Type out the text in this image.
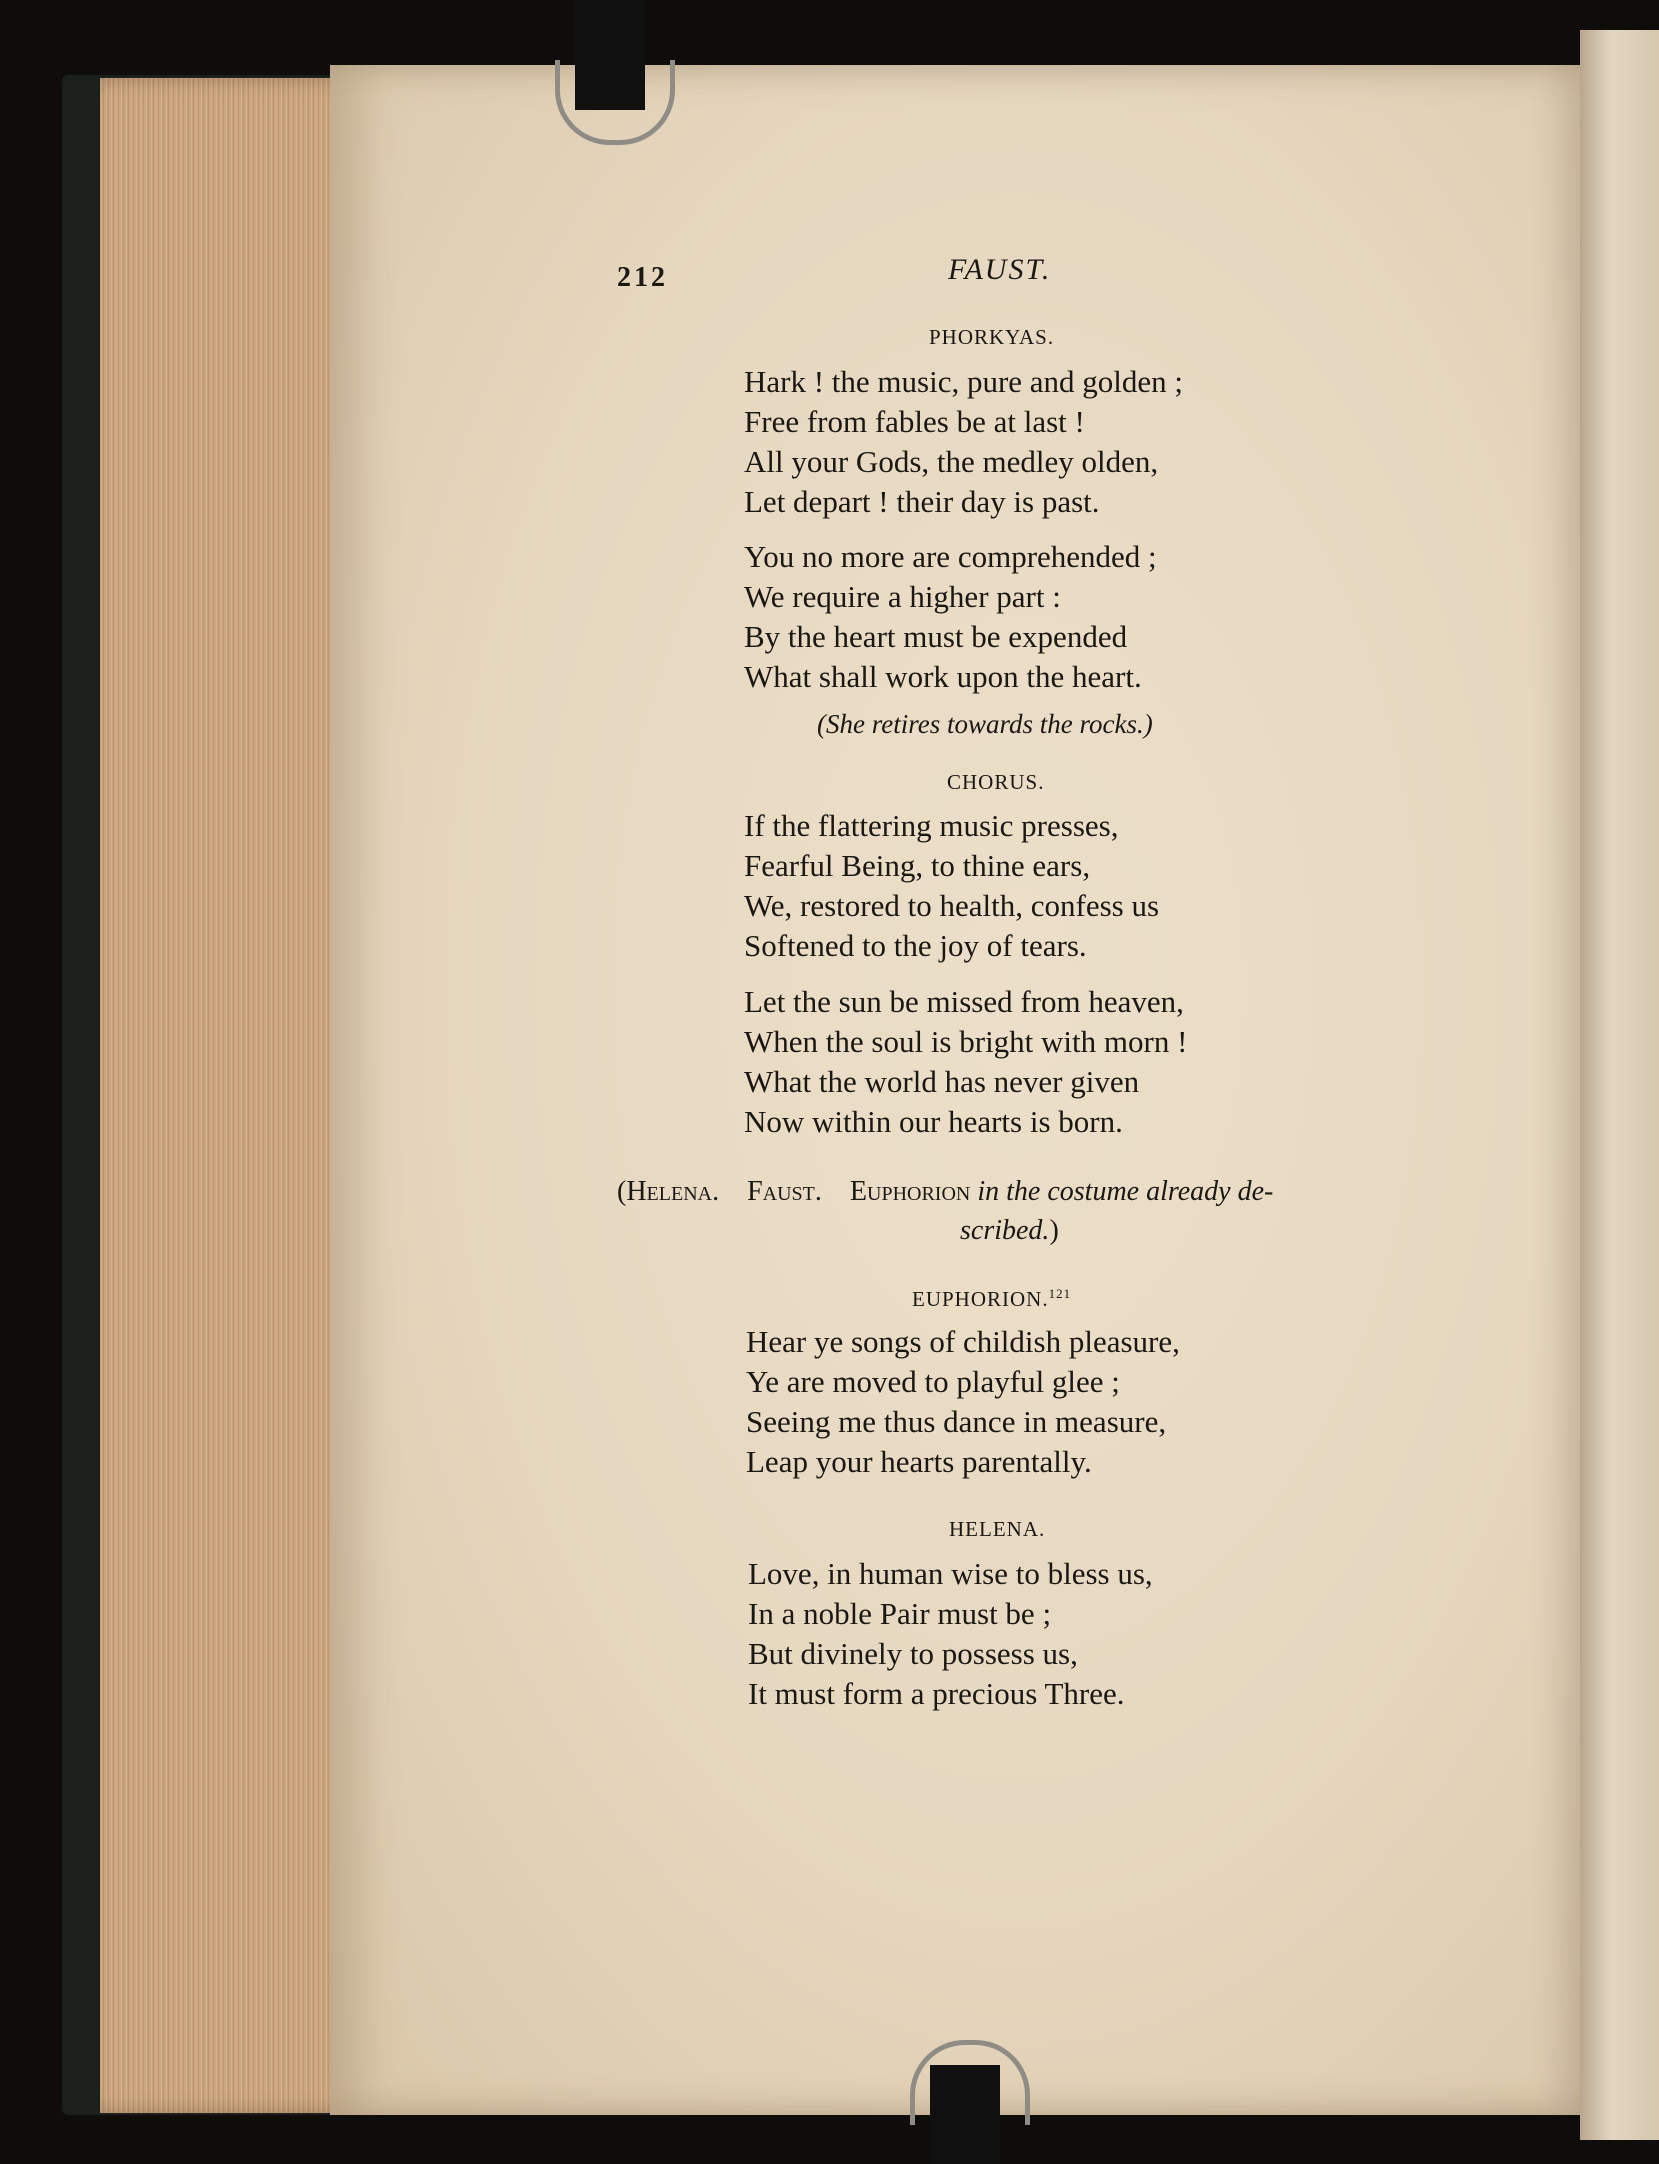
212	FAUST.
PHORKYAS.
Hark ! the music, pure and golden ;
Free from fables be at last !
All your Gods, the medley olden,
Let depart ! their day is past.
You no more are comprehended ;
We require a higher part :
By the heart must be expended
What shall work upon the heart.
(She retires towards the rocks.)
CHORUS.
If the flattering music presses,
Fearful Being, to thine ears,
We, restored to health, confess us
Softened to the joy of tears.
Let the sun be missed from heaven,
When the soul is bright with morn !
What the world has never given
Now within our hearts is born.
(Helena. Faust. Euphorion in the costume already de-
scribed.)
EUPHORION.$^{121}$
Hear ye songs of childish pleasure,
Ye are moved to playful glee ;
Seeing me thus dance in measure,
Leap your hearts parentally.
HELENA.
Love, in human wise to bless us,
In a noble Pair must be ;
But divinely to possess us,
It must form a precious Three.
